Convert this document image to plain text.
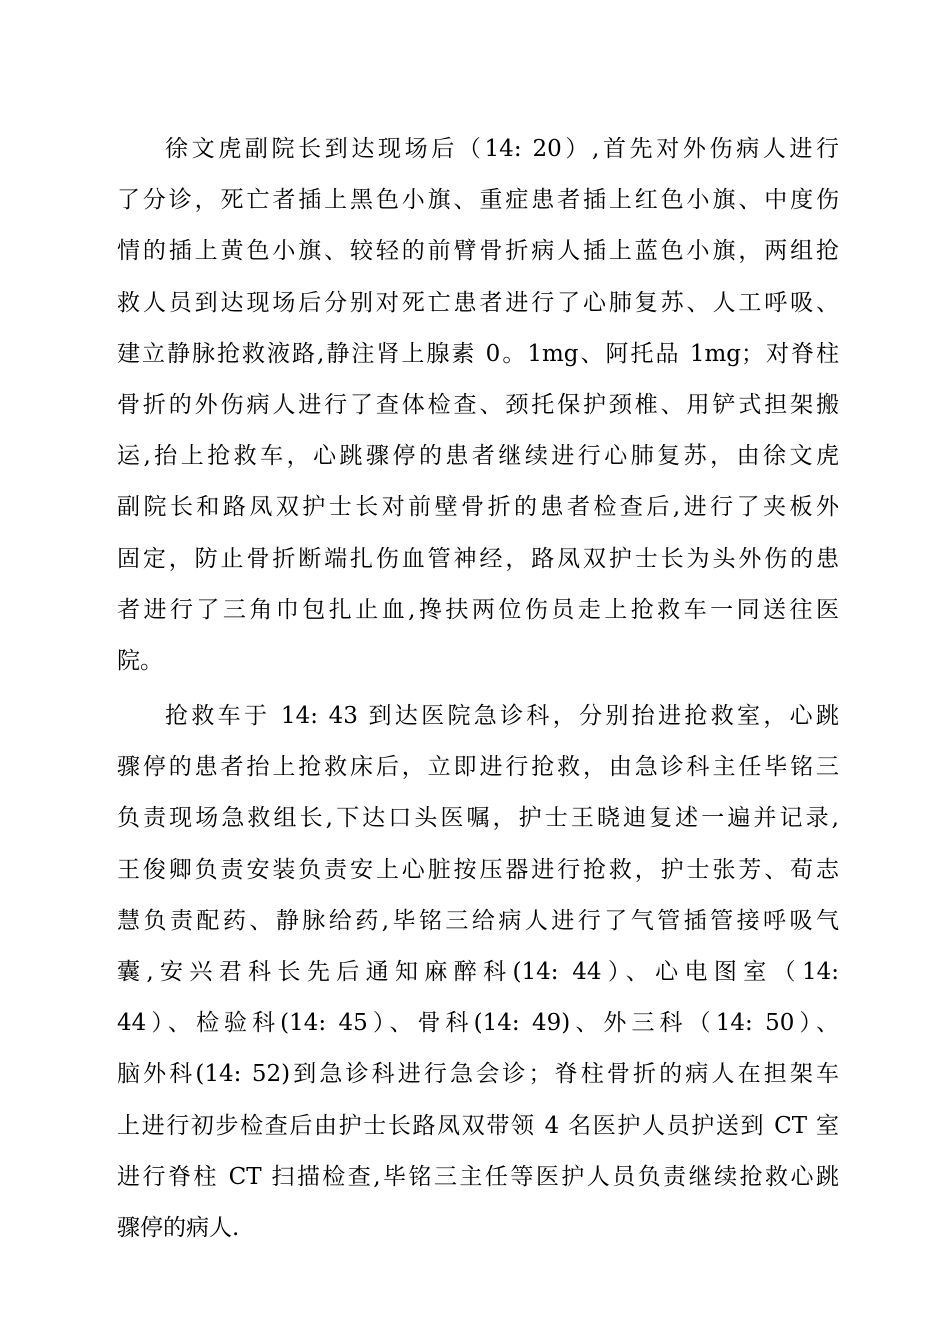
徐文虎副院长到达现场后（14: 20）,首先对外伤病人进行
了分诊，死亡者插上黑色小旗、重症患者插上红色小旗、中度伤
情的插上黄色小旗、较轻的前臂骨折病人插上蓝色小旗，两组抢
救人员到达现场后分别对死亡患者进行了心肺复苏、人工呼吸、
建立静脉抢救液路,静注肾上腺素 0。1mg、阿托品 1mg；对脊柱
骨折的外伤病人进行了查体检查、颈托保护颈椎、用铲式担架搬
运,抬上抢救车，心跳骤停的患者继续进行心肺复苏，由徐文虎
副院长和路凤双护士长对前壁骨折的患者检查后,进行了夹板外
固定，防止骨折断端扎伤血管神经，路凤双护士长为头外伤的患
者进行了三角巾包扎止血,搀扶两位伤员走上抢救车一同送往医
院。
抢救车于 14: 43 到达医院急诊科，分别抬进抢救室，心跳
骤停的患者抬上抢救床后，立即进行抢救，由急诊科主任毕铭三
负责现场急救组长,下达口头医嘱，护士王晓迪复述一遍并记录,
王俊卿负责安装负责安上心脏按压器进行抢救，护士张芳、荀志
慧负责配药、静脉给药,毕铭三给病人进行了气管插管接呼吸气
囊,安兴君科长先后通知麻醉科(14: 44）、心电图室（14:
44）、检验科(14: 45）、骨科(14: 49)、外三科（14: 50）、
脑外科(14: 52)到急诊科进行急会诊；脊柱骨折的病人在担架车
上进行初步检查后由护士长路凤双带领 4 名医护人员护送到 CT 室
进行脊柱 CT 扫描检查,毕铭三主任等医护人员负责继续抢救心跳
骤停的病人.
